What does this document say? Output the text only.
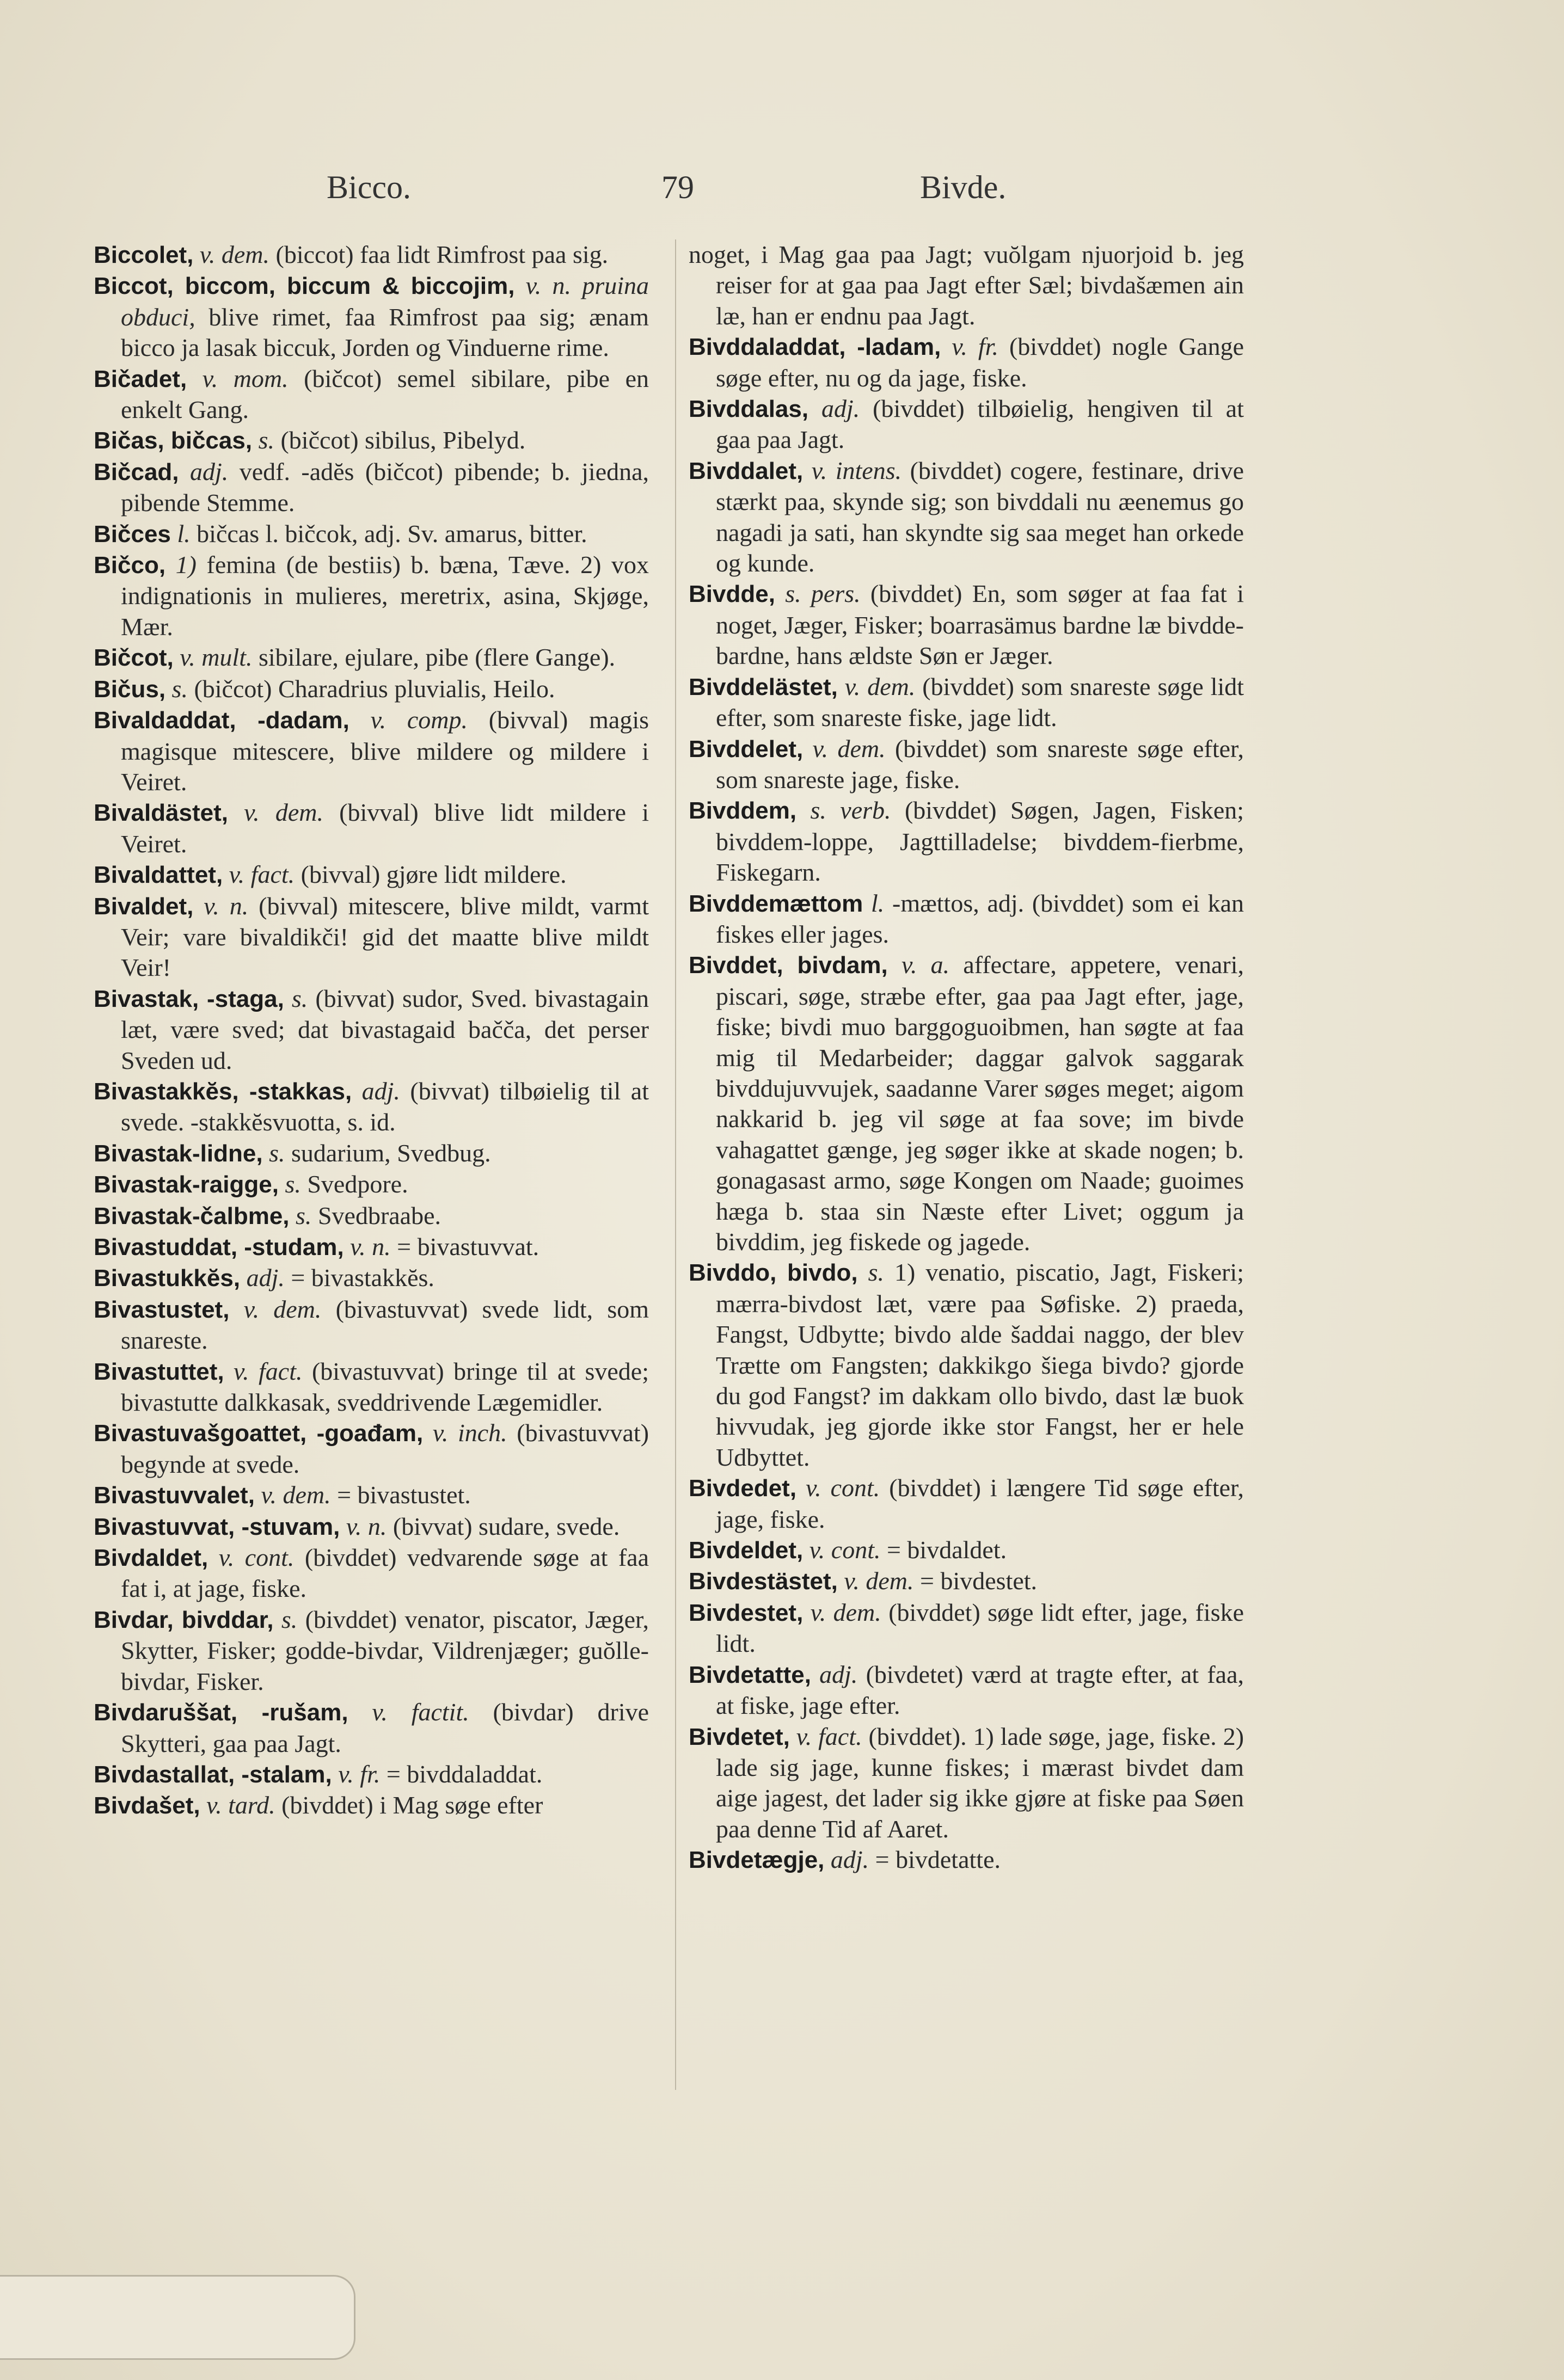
Bicco.	79	Bivde.

Biccolet, v. dem. (biccot) faa lidt Rimfrost paa sig.

Biccot, biccom, biccum & biccojim, v. n. pruina obduci, blive rimet, faa Rimfrost paa sig; ænam bicco ja lasak biccuk, Jorden og Vinduerne rime.

Bičadet, v. mom. (bičcot) semel sibilare, pibe en enkelt Gang.

Bičas, bičcas, s. (bičcot) sibilus, Pibelyd.

Bičcad, adj. vedf. -adĕs (bičcot) pibende; b. jiedna, pibende Stemme.

Bičces l. bičcas l. bičcok, adj. Sv. amarus, bitter.

Bičco, 1) femina (de bestiis) b. bæna, Tæve. 2) vox indignationis in mulieres, meretrix, asina, Skjøge, Mær.

Bičcot, v. mult. sibilare, ejulare, pibe (flere Gange).

Bičus, s. (bičcot) Charadrius pluvialis, Heilo.

Bivaldaddat, -dadam, v. comp. (bivval) magis magisque mitescere, blive mildere og mildere i Veiret.

Bivaldästet, v. dem. (bivval) blive lidt mildere i Veiret.

Bivaldattet, v. fact. (bivval) gjøre lidt mildere.

Bivaldet, v. n. (bivval) mitescere, blive mildt, varmt Veir; vare bivaldikči! gid det maatte blive mildt Veir!

Bivastak, -staga, s. (bivvat) sudor, Sved. bivastagain læt, være sved; dat bivastagaid bačča, det perser Sveden ud.

Bivastakkĕs, -stakkas, adj. (bivvat) tilbøielig til at svede. -stakkĕsvuotta, s. id.

Bivastak-lidne, s. sudarium, Svedbug.

Bivastak-raigge, s. Svedpore.

Bivastak-čalbme, s. Svedbraabe.

Bivastuddat, -studam, v. n. = bivastuvvat.

Bivastukkĕs, adj. = bivastakkĕs.

Bivastustet, v. dem. (bivastuvvat) svede lidt, som snareste.

Bivastuttet, v. fact. (bivastuvvat) bringe til at svede; bivastutte dalkkasak, sveddrivende Lægemidler.

Bivastuvašgoattet, -goađam, v. inch. (bivastuvvat) begynde at svede.

Bivastuvvalet, v. dem. = bivastustet.

Bivastuvvat, -stuvam, v. n. (bivvat) sudare, svede.

Bivdaldet, v. cont. (bivddet) vedvarende søge at faa fat i, at jage, fiske.

Bivdar, bivddar, s. (bivddet) venator, piscator, Jæger, Skytter, Fisker; godde-bivdar, Vildrenjæger; guŏlle-bivdar, Fisker.

Bivdaruššat, -rušam, v. factit. (bivdar) drive Skytteri, gaa paa Jagt.

Bivdastallat, -stalam, v. fr. = bivddaladdat.

Bivdašet, v. tard. (bivddet) i Mag søge efter

noget, i Mag gaa paa Jagt; vuŏlgam njuorjoid b. jeg reiser for at gaa paa Jagt efter Sæl; bivdašæmen ain læ, han er endnu paa Jagt.

Bivddaladdat, -ladam, v. fr. (bivddet) nogle Gange søge efter, nu og da jage, fiske.

Bivddalas, adj. (bivddet) tilbøielig, hengiven til at gaa paa Jagt.

Bivddalet, v. intens. (bivddet) cogere, festinare, drive stærkt paa, skynde sig; son bivddali nu æenemus go nagadi ja sati, han skyndte sig saa meget han orkede og kunde.

Bivdde, s. pers. (bivddet) En, som søger at faa fat i noget, Jæger, Fisker; boarrasämus bardne læ bivdde-bardne, hans ældste Søn er Jæger.

Bivddelästet, v. dem. (bivddet) som snareste søge lidt efter, som snareste fiske, jage lidt.

Bivddelet, v. dem. (bivddet) som snareste søge efter, som snareste jage, fiske.

Bivddem, s. verb. (bivddet) Søgen, Jagen, Fisken; bivddem-loppe, Jagttilladelse; bivddem-fierbme, Fiskegarn.

Bivddemættom l. -mættos, adj. (bivddet) som ei kan fiskes eller jages.

Bivddet, bivdam, v. a. affectare, appetere, venari, piscari, søge, stræbe efter, gaa paa Jagt efter, jage, fiske; bivdi muo barggoguoibmen, han søgte at faa mig til Medarbeider; daggar galvok saggarak bivddujuvvujek, saadanne Varer søges meget; aigom nakkarid b. jeg vil søge at faa sove; im bivde vahagattet gænge, jeg søger ikke at skade nogen; b. gonagasast armo, søge Kongen om Naade; guoimes hæga b. staa sin Næste efter Livet; oggum ja bivddim, jeg fiskede og jagede.

Bivddo, bivdo, s. 1) venatio, piscatio, Jagt, Fiskeri; mærra-bivdost læt, være paa Søfiske. 2) praeda, Fangst, Udbytte; bivdo alde šaddai naggo, der blev Trætte om Fangsten; dakkikgo šiega bivdo? gjorde du god Fangst? im dakkam ollo bivdo, dast læ buok hivvudak, jeg gjorde ikke stor Fangst, her er hele Udbyttet.

Bivdedet, v. cont. (bivddet) i længere Tid søge efter, jage, fiske.

Bivdeldet, v. cont. = bivdaldet.

Bivdestästet, v. dem. = bivdestet.

Bivdestet, v. dem. (bivddet) søge lidt efter, jage, fiske lidt.

Bivdetatte, adj. (bivdetet) værd at tragte efter, at faa, at fiske, jage efter.

Bivdetet, v. fact. (bivddet). 1) lade søge, jage, fiske. 2) lade sig jage, kunne fiskes; i mærast bivdet dam aige jagest, det lader sig ikke gjøre at fiske paa Søen paa denne Tid af Aaret.

Bivdetægje, adj. = bivdetatte.
